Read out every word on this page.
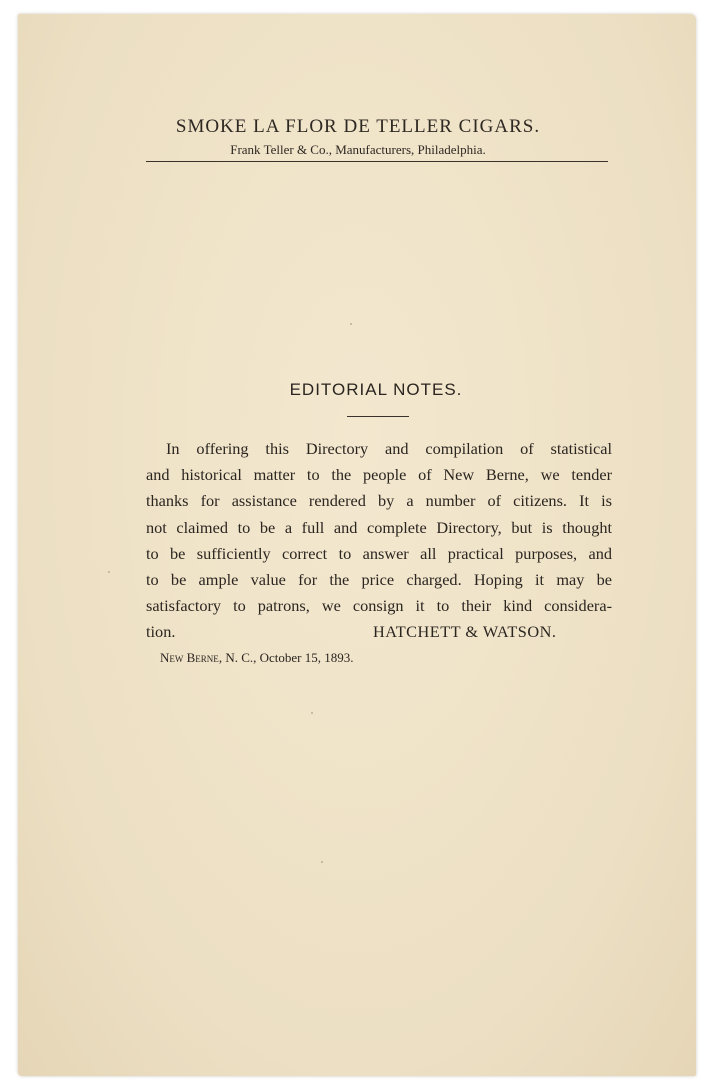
SMOKE LA FLOR DE TELLER CIGARS.
Frank Teller & Co., Manufacturers, Philadelphia.
EDITORIAL NOTES.
In offering this Directory and compilation of statistical
and historical matter to the people of New Berne, we tender
thanks for assistance rendered by a number of citizens. It is
not claimed to be a full and complete Directory, but is thought
to be sufficiently correct to answer all practical purposes, and
to be ample value for the price charged. Hoping it may be
satisfactory to patrons, we consign it to their kind considera-
tion.	HATCHETT & WATSON.
New Berne, N. C., October 15, 1893.
